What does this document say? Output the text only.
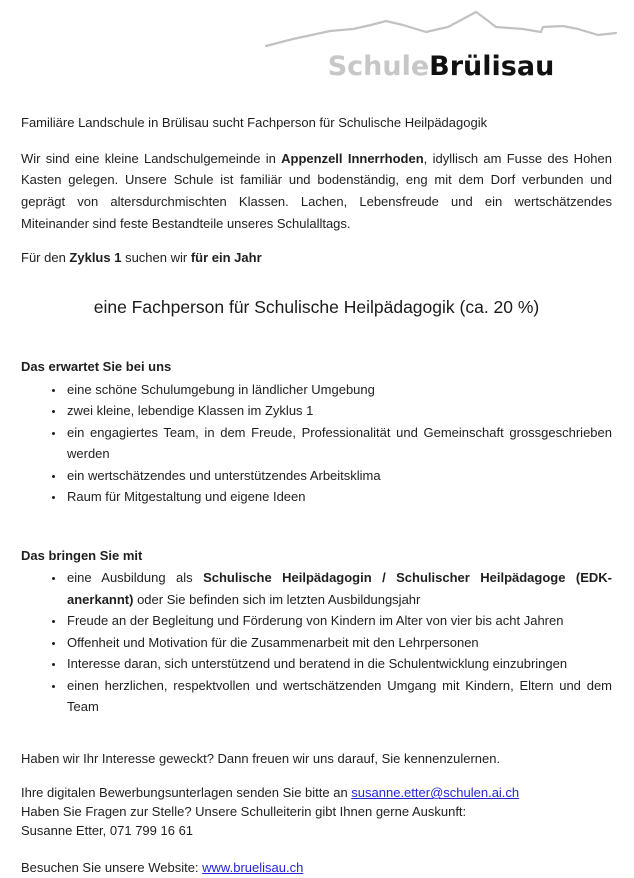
SchuleBrülisau

Familiäre Landschule in Brülisau sucht Fachperson für Schulische Heilpädagogik

Wir sind eine kleine Landschulgemeinde in Appenzell Innerrhoden, idyllisch am Fusse des Hohen Kasten gelegen. Unsere Schule ist familiär und bodenständig, eng mit dem Dorf verbunden und geprägt von altersdurchmischten Klassen. Lachen, Lebensfreude und ein wertschätzendes Miteinander sind feste Bestandteile unseres Schulalltags.

Für den Zyklus 1 suchen wir für ein Jahr

eine Fachperson für Schulische Heilpädagogik (ca. 20 %)
Das erwartet Sie bei uns
• eine schöne Schulumgebung in ländlicher Umgebung
• zwei kleine, lebendige Klassen im Zyklus 1
• ein engagiertes Team, in dem Freude, Professionalität und Gemeinschaft grossgeschrieben werden
• ein wertschätzendes und unterstützendes Arbeitsklima
• Raum für Mitgestaltung und eigene Ideen
Das bringen Sie mit
• eine Ausbildung als Schulische Heilpädagogin / Schulischer Heilpädagoge (EDK-anerkannt) oder Sie befinden sich im letzten Ausbildungsjahr
• Freude an der Begleitung und Förderung von Kindern im Alter von vier bis acht Jahren
• Offenheit und Motivation für die Zusammenarbeit mit den Lehrpersonen
• Interesse daran, sich unterstützend und beratend in die Schulentwicklung einzubringen
• einen herzlichen, respektvollen und wertschätzenden Umgang mit Kindern, Eltern und dem Team

Haben wir Ihr Interesse geweckt? Dann freuen wir uns darauf, Sie kennenzulernen.

Ihre digitalen Bewerbungsunterlagen senden Sie bitte an susanne.etter@schulen.ai.ch

Haben Sie Fragen zur Stelle? Unsere Schulleiterin gibt Ihnen gerne Auskunft:

Susanne Etter, 071 799 16 61

Besuchen Sie unsere Website: www.bruelisau.ch
